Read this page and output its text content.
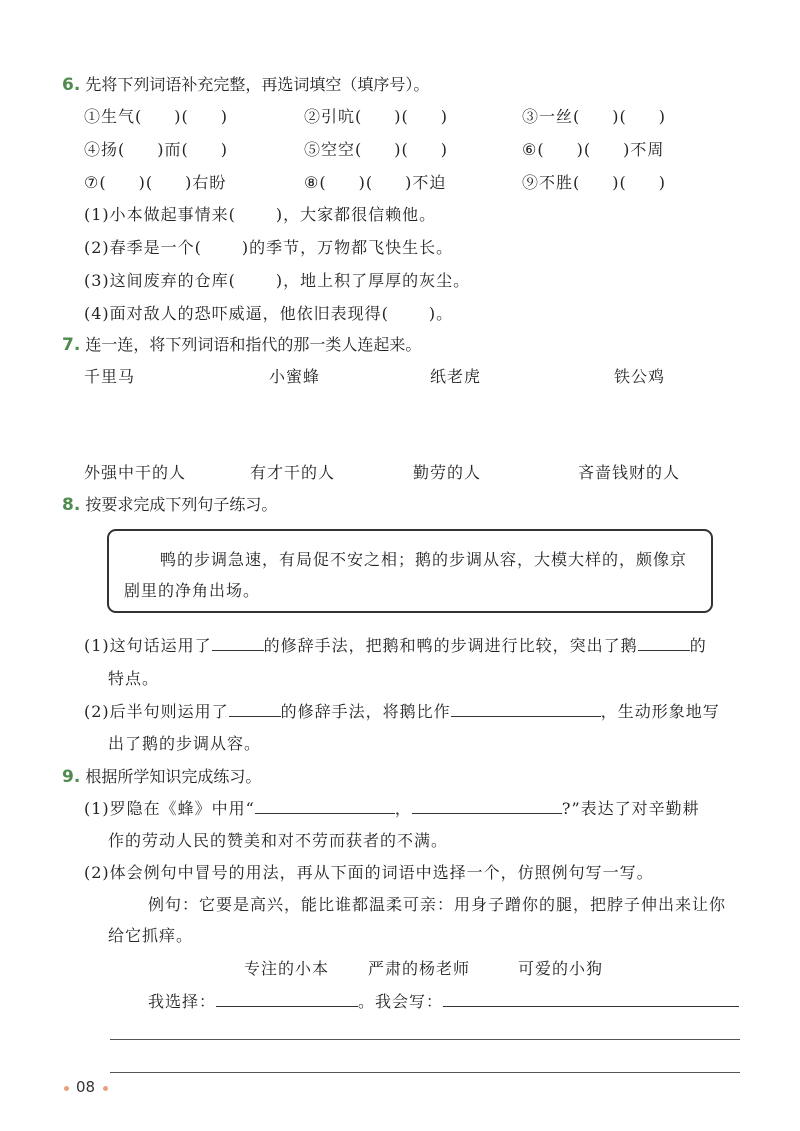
6. 先将下列词语补充完整，再选词填空（填序号）。
①生气( )( )	②引吭( )( )	③一丝( )( )
④扬( )而( )	⑤空空( )( )	⑥( )( )不周
⑦( )( )右盼	⑧( )( )不迫	⑨不胜( )( )
(1)小本做起事情来(	)，大家都很信赖他。
(2)春季是一个(	)的季节，万物都飞快生长。
(3)这间废弃的仓库(	)，地上积了厚厚的灰尘。
(4)面对敌人的恐吓威逼，他依旧表现得(	)。
7. 连一连，将下列词语和指代的那一类人连起来。
千里马	小蜜蜂	纸老虎	铁公鸡
外强中干的人	有才干的人	勤劳的人	吝啬钱财的人
8. 按要求完成下列句子练习。
鸭的步调急速，有局促不安之相；鹅的步调从容，大模大样的，颇像京
剧里的净角出场。
(1)这句话运用了	的修辞手法，把鹅和鸭的步调进行比较，突出了鹅	的
特点。
(2)后半句则运用了	的修辞手法，将鹅比作	，生动形象地写
出了鹅的步调从容。
9. 根据所学知识完成练习。
(1)罗隐在《蜂》中用“	，	?”表达了对辛勤耕
作的劳动人民的赞美和对不劳而获者的不满。
(2)体会例句中冒号的用法，再从下面的词语中选择一个，仿照例句写一写。
例句：它要是高兴，能比谁都温柔可亲：用身子蹭你的腿，把脖子伸出来让你
给它抓痒。
专注的小本 严肃的杨老师	可爱的小狗
我选择：	。我会写：
08
